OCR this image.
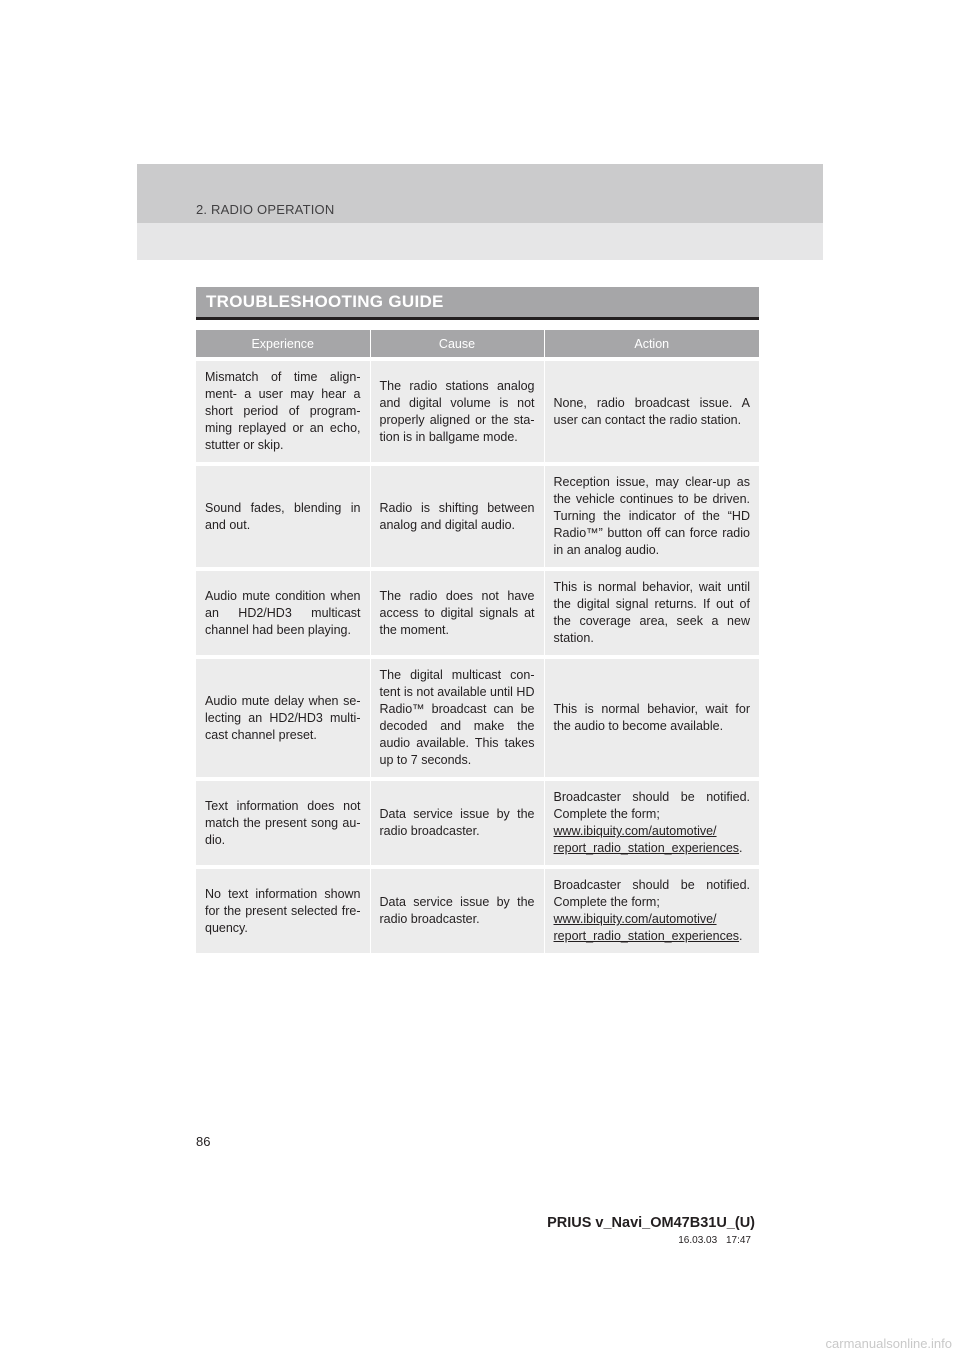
2. RADIO OPERATION
TROUBLESHOOTING GUIDE
Experience	Cause	Action
Mismatch of time align-ment- a user may hear a short period of program-ming replayed or an echo, stutter or skip.	The radio stations analog and digital volume is not properly aligned or the sta-tion is in ballgame mode.	None, radio broadcast issue. A user can contact the radio station.
Sound fades, blending in and out.	Radio is shifting between analog and digital audio.	Reception issue, may clear-up as the vehicle continues to be driven. Turning the indicator of the “HD Radio™” button off can force radio in an analog audio.
Audio mute condition when an HD2/HD3 multicast channel had been playing.	The radio does not have access to digital signals at the moment.	This is normal behavior, wait until the digital signal returns. If out of the coverage area, seek a new station.
Audio mute delay when se-lecting an HD2/HD3 multi-cast channel preset.	The digital multicast con-tent is not available until HD Radio™ broadcast can be decoded and make the audio available. This takes up to 7 seconds.	This is normal behavior, wait for the audio to become available.
Text information does not match the present song au-dio.	Data service issue by the radio broadcaster.	Broadcaster should be notified. Complete the form;
www.ibiquity.com/automotive/
report_radio_station_experiences.
No text information shown for the present selected fre-quency.	Data service issue by the radio broadcaster.	Broadcaster should be notified. Complete the form;
www.ibiquity.com/automotive/
report_radio_station_experiences.
86
PRIUS v_Navi_OM47B31U_(U)
16.03.03 17:47
carmanualsonline.info
